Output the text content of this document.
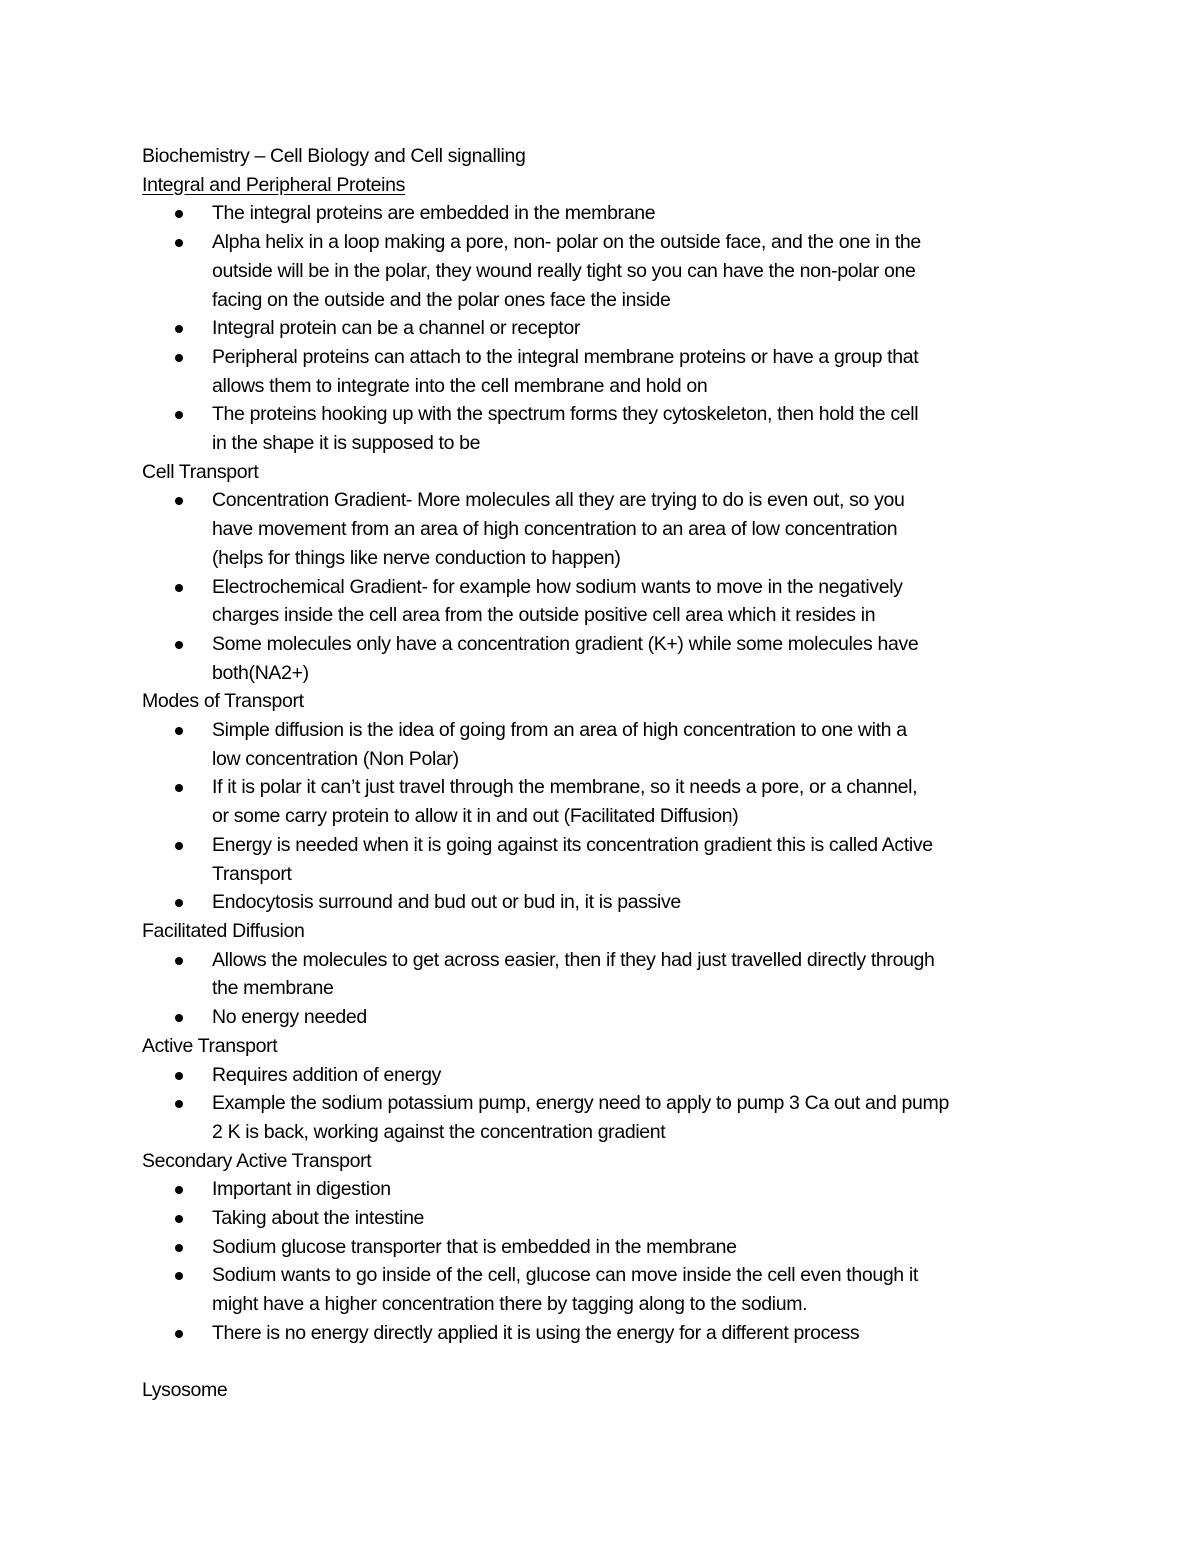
Biochemistry – Cell Biology and Cell signalling

Integral and Peripheral Proteins

The integral proteins are embedded in the membrane
Alpha helix in a loop making a pore, non- polar on the outside face, and the one in the
outside will be in the polar, they wound really tight so you can have the non-polar one
facing on the outside and the polar ones face the inside
Integral protein can be a channel or receptor
Peripheral proteins can attach to the integral membrane proteins or have a group that
allows them to integrate into the cell membrane and hold on
The proteins hooking up with the spectrum forms they cytoskeleton, then hold the cell
in the shape it is supposed to be

Cell Transport

Concentration Gradient- More molecules all they are trying to do is even out, so you
have movement from an area of high concentration to an area of low concentration
(helps for things like nerve conduction to happen)
Electrochemical Gradient- for example how sodium wants to move in the negatively
charges inside the cell area from the outside positive cell area which it resides in
Some molecules only have a concentration gradient (K+) while some molecules have
both(NA2+)

Modes of Transport

Simple diffusion is the idea of going from an area of high concentration to one with a
low concentration (Non Polar)
If it is polar it can’t just travel through the membrane, so it needs a pore, or a channel,
or some carry protein to allow it in and out (Facilitated Diffusion)
Energy is needed when it is going against its concentration gradient this is called Active
Transport
Endocytosis surround and bud out or bud in, it is passive

Facilitated Diffusion

Allows the molecules to get across easier, then if they had just travelled directly through
the membrane
No energy needed

Active Transport

Requires addition of energy
Example the sodium potassium pump, energy need to apply to pump 3 Ca out and pump
2 K is back, working against the concentration gradient

Secondary Active Transport

Important in digestion
Taking about the intestine
Sodium glucose transporter that is embedded in the membrane
Sodium wants to go inside of the cell, glucose can move inside the cell even though it
might have a higher concentration there by tagging along to the sodium.
There is no energy directly applied it is using the energy for a different process

Lysosome
